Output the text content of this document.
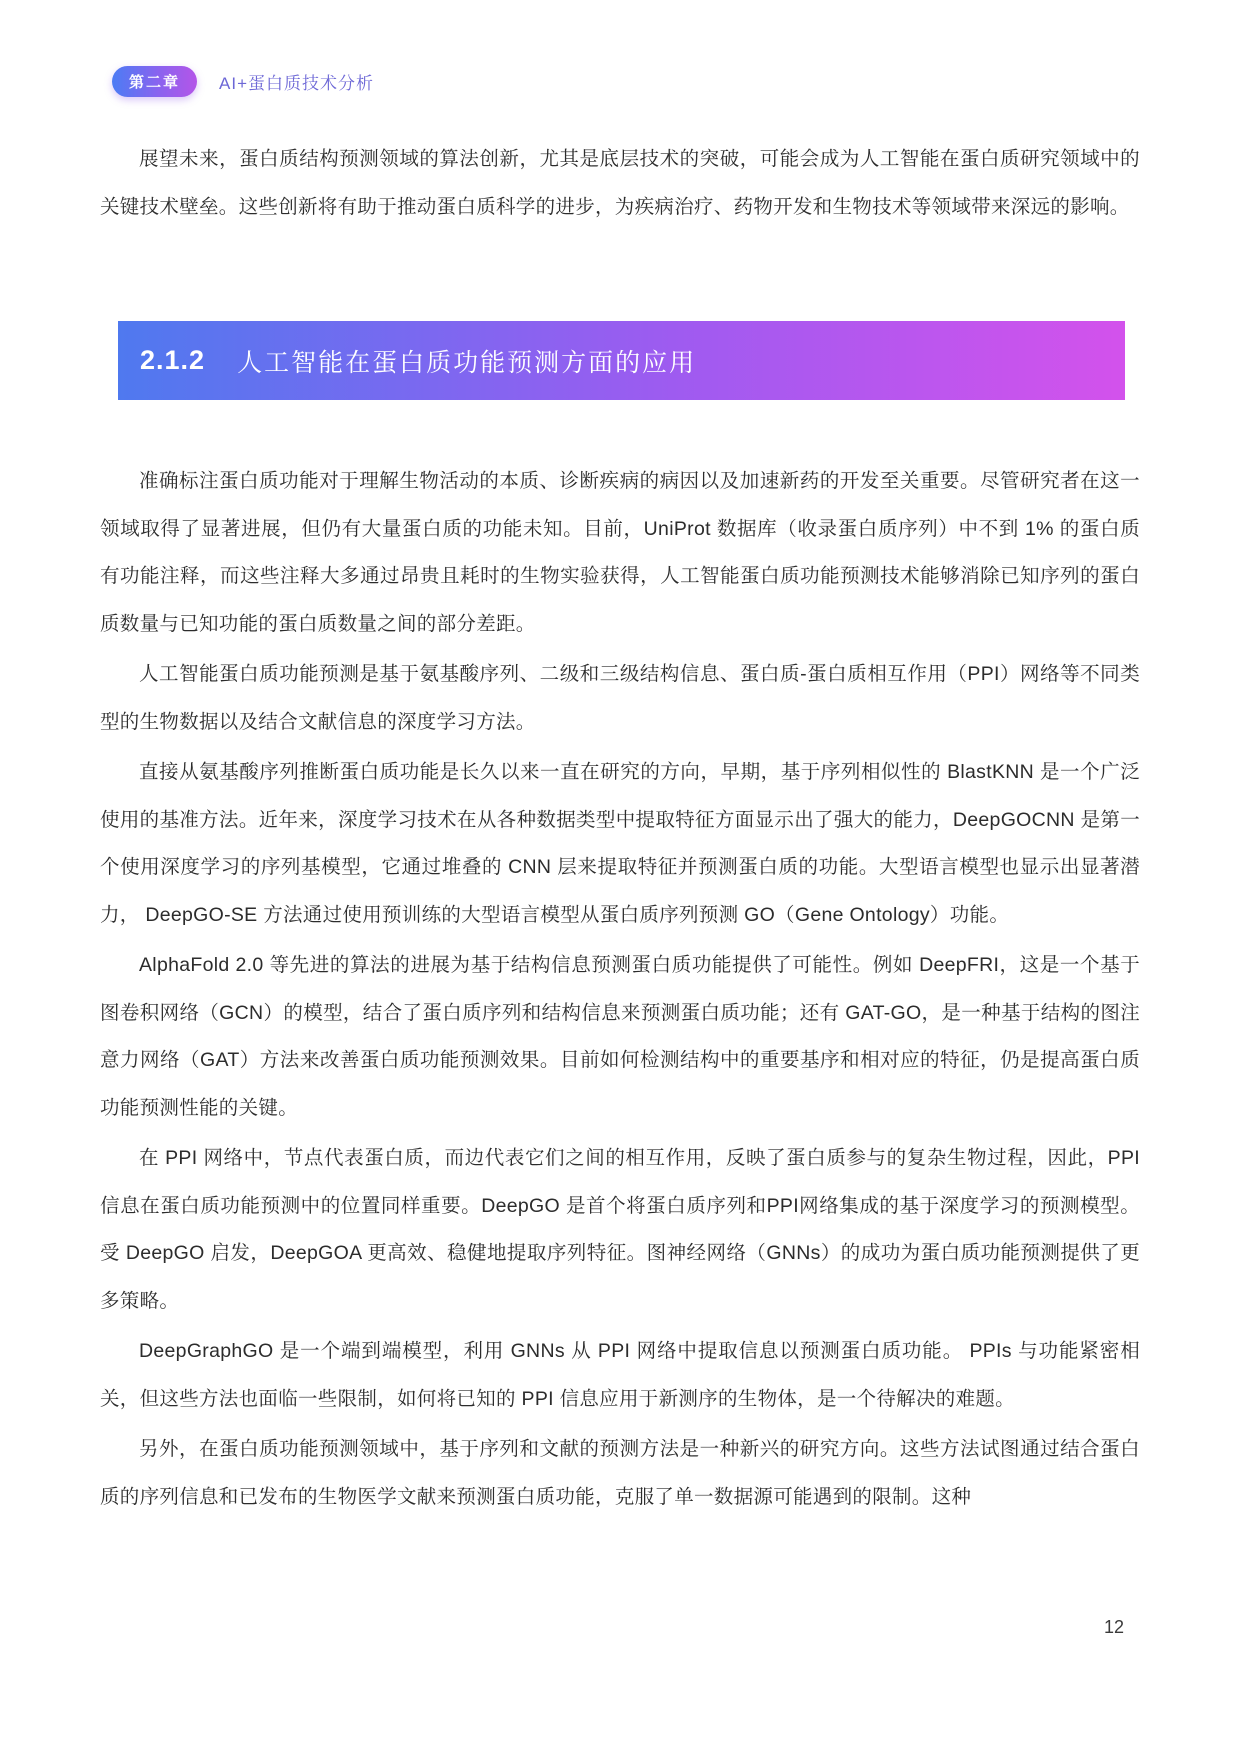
第二章	AI+蛋白质技术分析

展望未来，蛋白质结构预测领域的算法创新，尤其是底层技术的突破，可能会成为人工智能在蛋白质研究领域中的关键技术壁垒。这些创新将有助于推动蛋白质科学的进步，为疾病治疗、药物开发和生物技术等领域带来深远的影响。

2.1.2 人工智能在蛋白质功能预测方面的应用

准确标注蛋白质功能对于理解生物活动的本质、诊断疾病的病因以及加速新药的开发至关重要。尽管研究者在这一领域取得了显著进展，但仍有大量蛋白质的功能未知。目前，UniProt 数据库（收录蛋白质序列）中不到 1% 的蛋白质有功能注释，而这些注释大多通过昂贵且耗时的生物实验获得，人工智能蛋白质功能预测技术能够消除已知序列的蛋白质数量与已知功能的蛋白质数量之间的部分差距。

人工智能蛋白质功能预测是基于氨基酸序列、二级和三级结构信息、蛋白质-蛋白质相互作用（PPI）网络等不同类型的生物数据以及结合文献信息的深度学习方法。

直接从氨基酸序列推断蛋白质功能是长久以来一直在研究的方向，早期，基于序列相似性的 BlastKNN 是一个广泛使用的基准方法。近年来，深度学习技术在从各种数据类型中提取特征方面显示出了强大的能力，DeepGOCNN 是第一个使用深度学习的序列基模型，它通过堆叠的 CNN 层来提取特征并预测蛋白质的功能。大型语言模型也显示出显著潜力， DeepGO-SE 方法通过使用预训练的大型语言模型从蛋白质序列预测 GO（Gene Ontology）功能。

AlphaFold 2.0 等先进的算法的进展为基于结构信息预测蛋白质功能提供了可能性。例如 DeepFRI，这是一个基于图卷积网络（GCN）的模型，结合了蛋白质序列和结构信息来预测蛋白质功能；还有 GAT-GO，是一种基于结构的图注意力网络（GAT）方法来改善蛋白质功能预测效果。目前如何检测结构中的重要基序和相对应的特征，仍是提高蛋白质功能预测性能的关键。

在 PPI 网络中，节点代表蛋白质，而边代表它们之间的相互作用，反映了蛋白质参与的复杂生物过程，因此，PPI 信息在蛋白质功能预测中的位置同样重要。DeepGO 是首个将蛋白质序列和PPI网络集成的基于深度学习的预测模型。受 DeepGO 启发，DeepGOA 更高效、稳健地提取序列特征。图神经网络（GNNs）的成功为蛋白质功能预测提供了更多策略。

DeepGraphGO 是一个端到端模型，利用 GNNs 从 PPI 网络中提取信息以预测蛋白质功能。 PPIs 与功能紧密相关，但这些方法也面临一些限制，如何将已知的 PPI 信息应用于新测序的生物体，是一个待解决的难题。

另外，在蛋白质功能预测领域中，基于序列和文献的预测方法是一种新兴的研究方向。这些方法试图通过结合蛋白质的序列信息和已发布的生物医学文献来预测蛋白质功能，克服了单一数据源可能遇到的限制。这种

12
